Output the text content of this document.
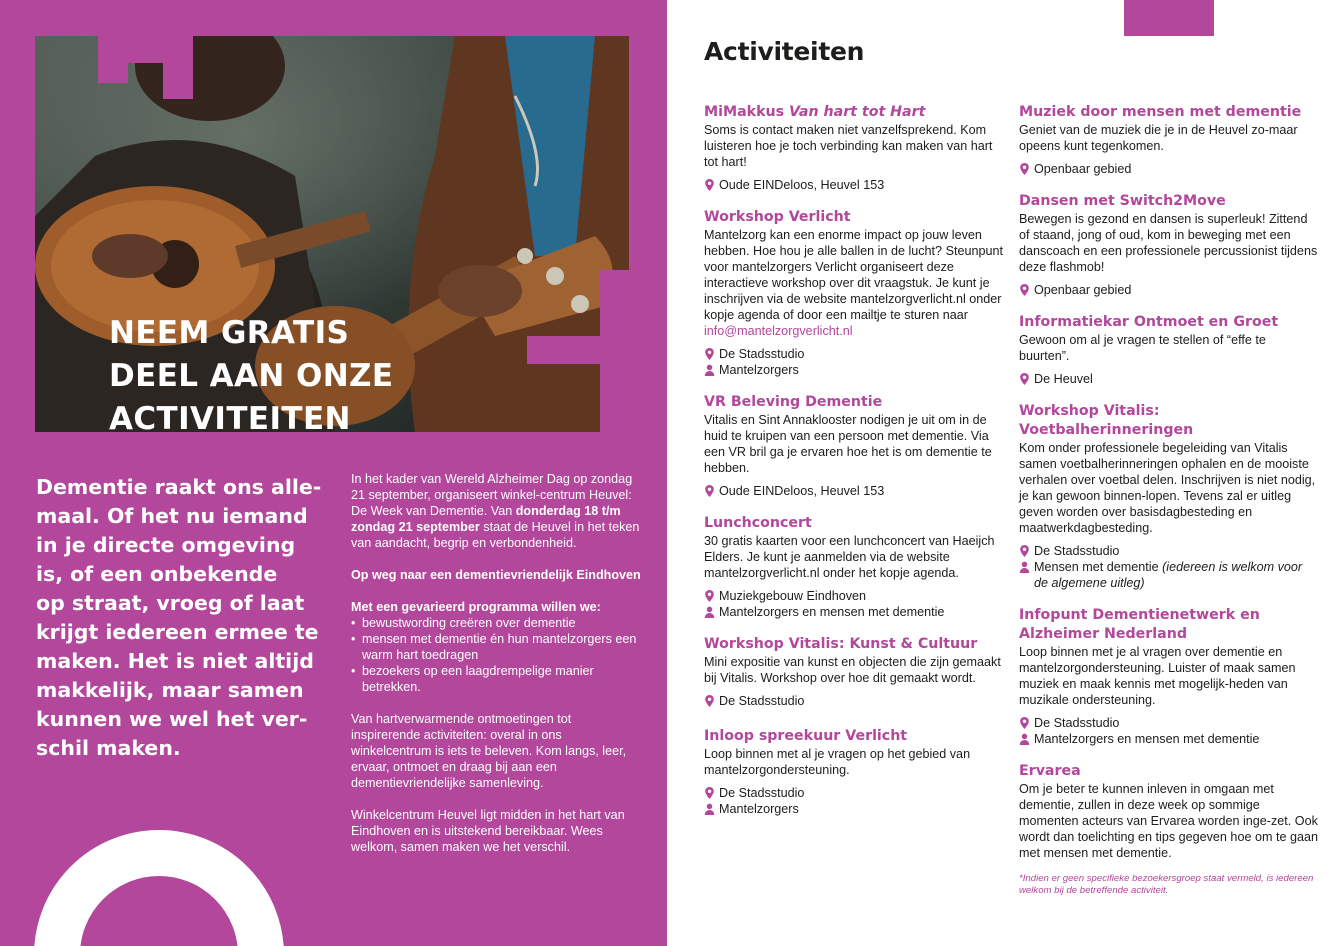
NEEM GRATIS
DEEL AAN ONZE
ACTIVITEITEN
Dementie raakt ons alle-
maal. Of het nu iemand
in je directe omgeving
is, of een onbekende
op straat, vroeg of laat
krijgt iedereen ermee te
maken. Het is niet altijd
makkelijk, maar samen
kunnen we wel het ver-
schil maken.

In het kader van Wereld Alzheimer Dag op zondag 21 september, organiseert winkel-centrum Heuvel: De Week van Dementie. Van donderdag 18 t/m zondag 21 september staat de Heuvel in het teken van aandacht, begrip en verbondenheid.

Op weg naar een dementievriendelijk Eindhoven

Met een gevarieerd programma willen we:
• bewustwording creëren over dementie
• mensen met dementie én hun mantelzorgers een warm hart toedragen
• bezoekers op een laagdrempelige manier betrekken.

Van hartverwarmende ontmoetingen tot inspirerende activiteiten: overal in ons winkelcentrum is iets te beleven. Kom langs, leer, ervaar, ontmoet en draag bij aan een dementievriendelijke samenleving.

Winkelcentrum Heuvel ligt midden in het hart van Eindhoven en is uitstekend bereikbaar. Wees welkom, samen maken we het verschil.

Activiteiten
MiMakkus Van hart tot Hart
Soms is contact maken niet vanzelfsprekend. Kom luisteren hoe je toch verbinding kan maken van hart tot hart!
Oude EINDeloos, Heuvel 153
Workshop Verlicht
Mantelzorg kan een enorme impact op jouw leven hebben. Hoe hou je alle ballen in de lucht? Steunpunt voor mantelzorgers Verlicht organiseert deze interactieve workshop over dit vraagstuk. Je kunt je inschrijven via de website mantelzorgverlicht.nl onder kopje agenda of door een mailtje te sturen naar info@mantelzorgverlicht.nl
De Stadsstudio
Mantelzorgers
VR Beleving Dementie
Vitalis en Sint Annaklooster nodigen je uit om in de huid te kruipen van een persoon met dementie. Via een VR bril ga je ervaren hoe het is om dementie te hebben.
Oude EINDeloos, Heuvel 153
Lunchconcert
30 gratis kaarten voor een lunchconcert van Haeijch Elders. Je kunt je aanmelden via de website mantelzorgverlicht.nl onder het kopje agenda.
Muziekgebouw Eindhoven
Mantelzorgers en mensen met dementie
Workshop Vitalis: Kunst & Cultuur
Mini expositie van kunst en objecten die zijn gemaakt bij Vitalis. Workshop over hoe dit gemaakt wordt.
De Stadsstudio
Inloop spreekuur Verlicht
Loop binnen met al je vragen op het gebied van mantelzorgondersteuning.
De Stadsstudio
Mantelzorgers
Muziek door mensen met dementie
Geniet van de muziek die je in de Heuvel zo-maar opeens kunt tegenkomen.
Openbaar gebied
Dansen met Switch2Move
Bewegen is gezond en dansen is superleuk! Zittend of staand, jong of oud, kom in beweging met een danscoach en een professionele percussionist tijdens deze flashmob!
Openbaar gebied
Informatiekar Ontmoet en Groet
Gewoon om al je vragen te stellen of “effe te buurten”.
De Heuvel
Workshop Vitalis: Voetbalherinneringen
Kom onder professionele begeleiding van Vitalis samen voetbalherinneringen ophalen en de mooiste verhalen over voetbal delen. Inschrijven is niet nodig, je kan gewoon binnen-lopen. Tevens zal er uitleg geven worden over basisdagbesteding en maatwerkdagbesteding.
De Stadsstudio
Mensen met dementie (iedereen is welkom voor de algemene uitleg)
Infopunt Dementienetwerk en Alzheimer Nederland
Loop binnen met je al vragen over dementie en mantelzorgondersteuning. Luister of maak samen muziek en maak kennis met mogelijk-heden van muzikale ondersteuning.
De Stadsstudio
Mantelzorgers en mensen met dementie
Ervarea
Om je beter te kunnen inleven in omgaan met dementie, zullen in deze week op sommige momenten acteurs van Ervarea worden inge-zet. Ook wordt dan toelichting en tips gegeven hoe om te gaan met mensen met dementie.
*Indien er geen specifieke bezoekersgroep staat vermeld, is iedereen welkom bij de betreffende activiteit.
